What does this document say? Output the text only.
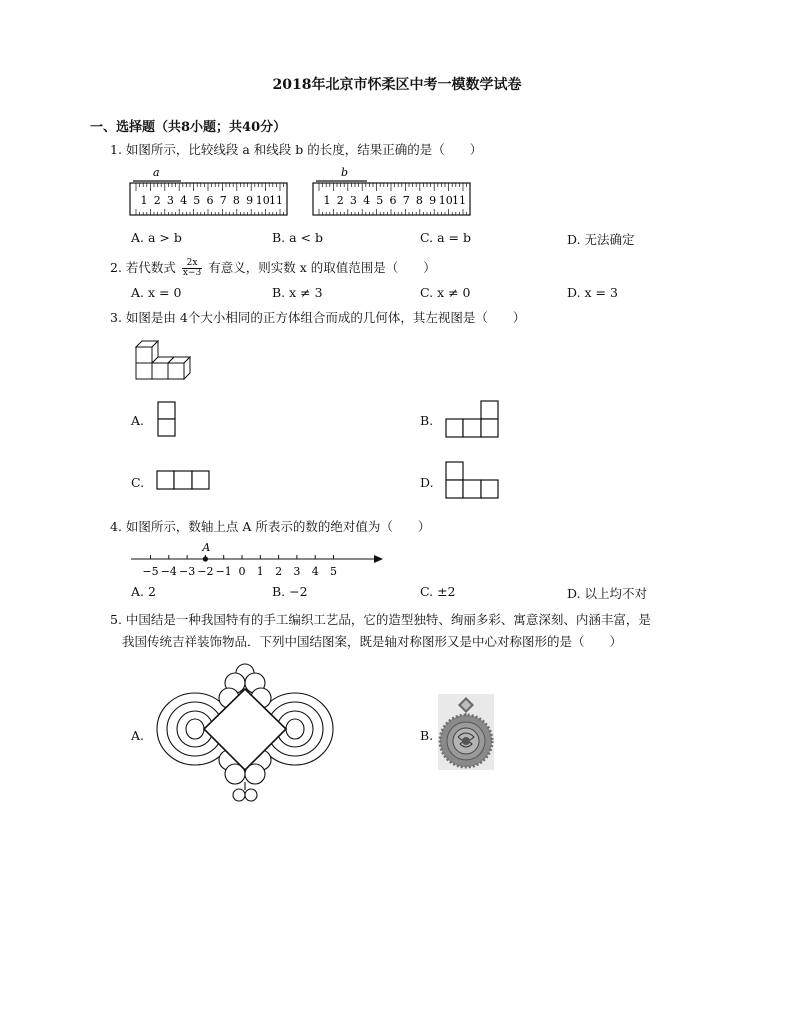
2018年北京市怀柔区中考一模数学试卷
一、选择题（共8小题；共40分）
1. 如图所示，比较线段 a 和线段 b 的长度，结果正确的是（　　）
a
1 2 3 4 5 6 7 8 9 10 11
b
1 2 3 4 5 6 7 8 9 10 11
A. a > b	B. a < b	C. a = b	D. 无法确定
2. 若代数式 $\frac{2x}{x-3}$ 有意义，则实数 x 的取值范围是（　　）
A. x = 0	B. x ≠ 3	C. x ≠ 0	D. x = 3
3. 如图是由 4个大小相同的正方体组合而成的几何体，其左视图是（　　）
A.	B.
C.	D.
4. 如图所示，数轴上点 A 所表示的数的绝对值为（　　）
−5 −4 −3 −2 −1 0 1 2 3 4 5
A
A. 2	B. −2	C. ±2	D. 以上均不对
5. 中国结是一种我国特有的手工编织工艺品，它的造型独特、绚丽多彩、寓意深刻、内涵丰富，是
我国传统吉祥装饰物品．下列中国结图案，既是轴对称图形又是中心对称图形的是（　　）
A.	B.
